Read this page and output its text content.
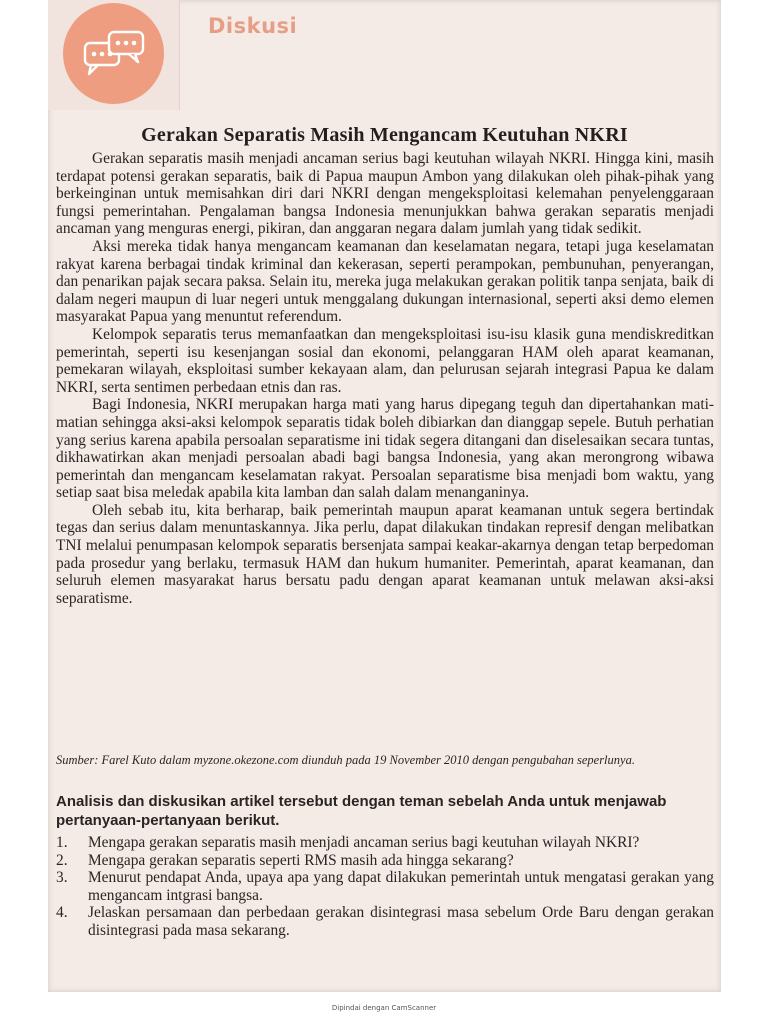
Diskusi
Gerakan Separatis Masih Mengancam Keutuhan NKRI

Gerakan separatis masih menjadi ancaman serius bagi keutuhan wilayah NKRI. Hingga kini, masih terdapat potensi gerakan separatis, baik di Papua maupun Ambon yang dilakukan oleh pihak-pihak yang berkeinginan untuk memisahkan diri dari NKRI dengan mengeksploitasi kelemahan penyelenggaraan fungsi pemerintahan. Pengalaman bangsa Indonesia menunjukkan bahwa gerakan separatis menjadi ancaman yang menguras energi, pikiran, dan anggaran negara dalam jumlah yang tidak sedikit.

Aksi mereka tidak hanya mengancam keamanan dan keselamatan negara, tetapi juga keselamatan rakyat karena berbagai tindak kriminal dan kekerasan, seperti perampokan, pembunuhan, penyerangan, dan penarikan pajak secara paksa. Selain itu, mereka juga melakukan gerakan politik tanpa senjata, baik di dalam negeri maupun di luar negeri untuk menggalang dukungan internasional, seperti aksi demo elemen masyarakat Papua yang menuntut referendum.

Kelompok separatis terus memanfaatkan dan mengeksploitasi isu-isu klasik guna mendiskreditkan pemerintah, seperti isu kesenjangan sosial dan ekonomi, pelanggaran HAM oleh aparat keamanan, pemekaran wilayah, eksploitasi sumber kekayaan alam, dan pelurusan sejarah integrasi Papua ke dalam NKRI, serta sentimen perbedaan etnis dan ras.

Bagi Indonesia, NKRI merupakan harga mati yang harus dipegang teguh dan dipertahankan mati-matian sehingga aksi-aksi kelompok separatis tidak boleh dibiarkan dan dianggap sepele. Butuh perhatian yang serius karena apabila persoalan separatisme ini tidak segera ditangani dan diselesaikan secara tuntas, dikhawatirkan akan menjadi persoalan abadi bagi bangsa Indonesia, yang akan merongrong wibawa pemerintah dan mengancam keselamatan rakyat. Persoalan separatisme bisa menjadi bom waktu, yang setiap saat bisa meledak apabila kita lamban dan salah dalam menanganinya.

Oleh sebab itu, kita berharap, baik pemerintah maupun aparat keamanan untuk segera bertindak tegas dan serius dalam menuntaskannya. Jika perlu, dapat dilakukan tindakan represif dengan melibatkan TNI melalui penumpasan kelompok separatis bersenjata sampai keakar-akarnya dengan tetap berpedoman pada prosedur yang berlaku, termasuk HAM dan hukum humaniter. Pemerintah, aparat keamanan, dan seluruh elemen masyarakat harus bersatu padu dengan aparat keamanan untuk melawan aksi-aksi separatisme.

Sumber: Farel Kuto dalam myzone.okezone.com diunduh pada 19 November 2010 dengan pengubahan seperlunya.
Analisis dan diskusikan artikel tersebut dengan teman sebelah Anda untuk menjawab pertanyaan-pertanyaan berikut.
1.	Mengapa gerakan separatis masih menjadi ancaman serius bagi keutuhan wilayah NKRI?
2.	Mengapa gerakan separatis seperti RMS masih ada hingga sekarang?
3.	Menurut pendapat Anda, upaya apa yang dapat dilakukan pemerintah untuk mengatasi gerakan yang mengancam intgrasi bangsa.
4.	Jelaskan persamaan dan perbedaan gerakan disintegrasi masa sebelum Orde Baru dengan gerakan disintegrasi pada masa sekarang.
Dipindai dengan CamScanner
